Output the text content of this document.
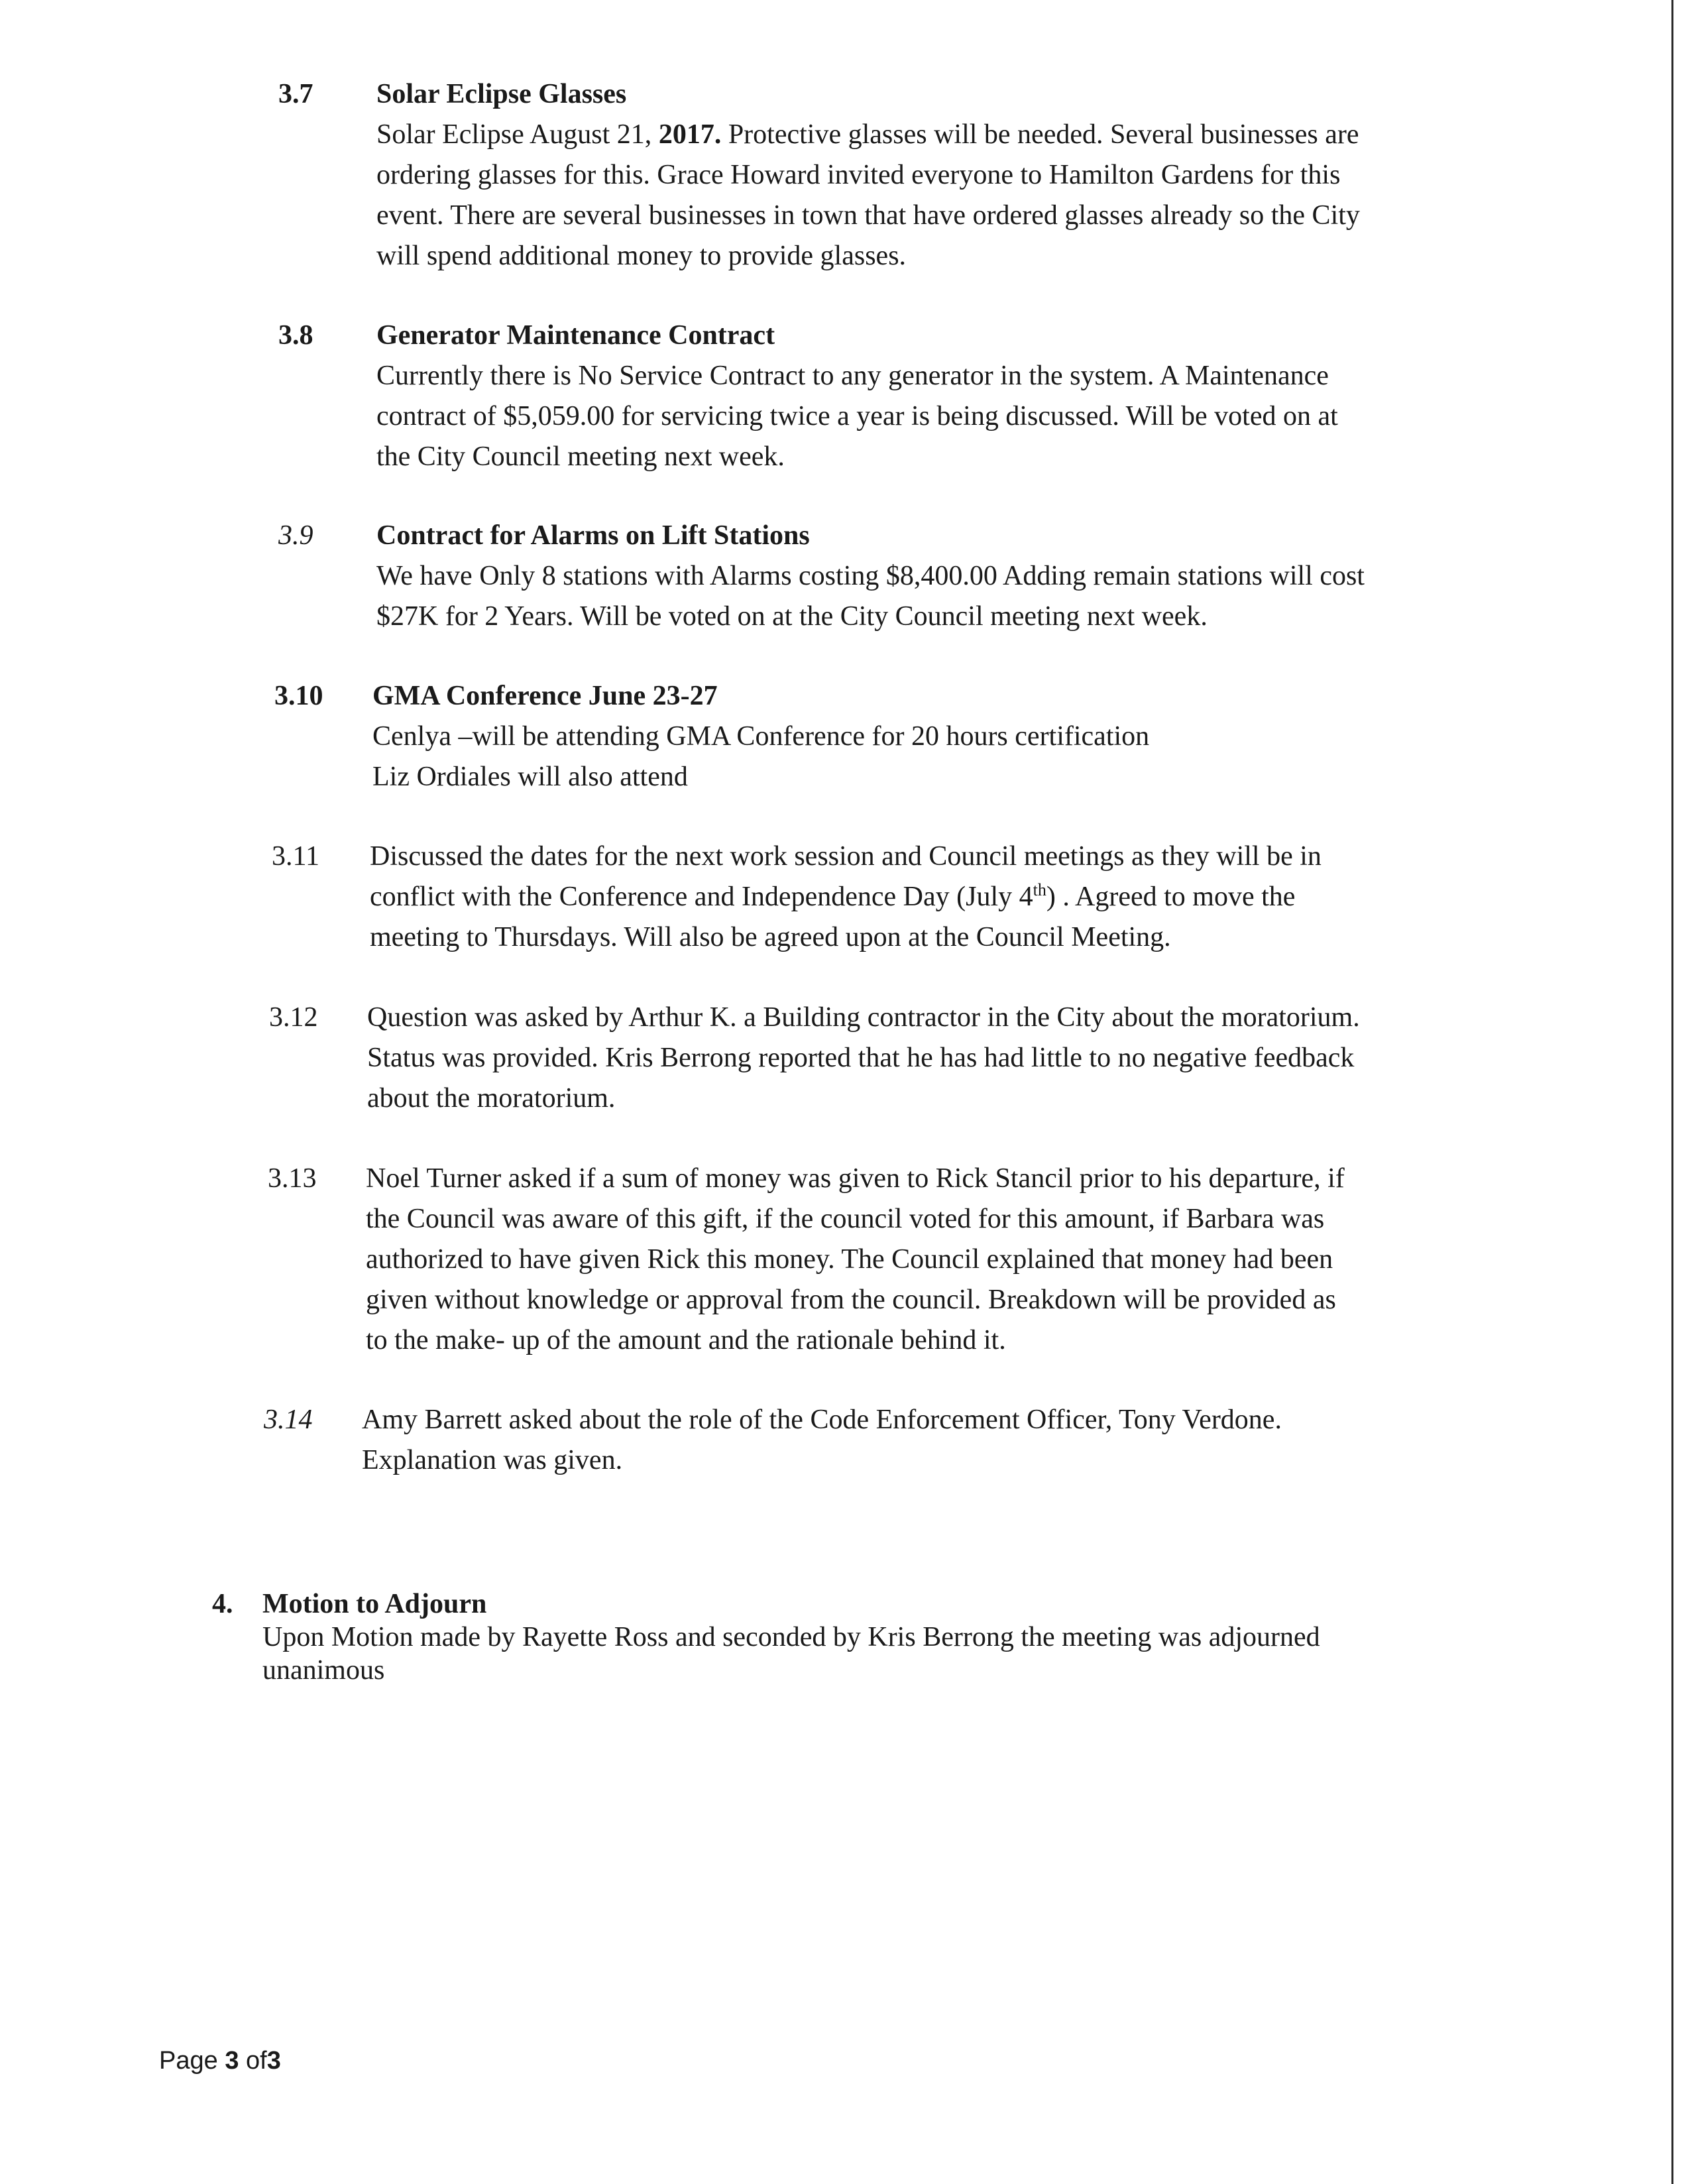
3.7 Solar Eclipse Glasses
Solar Eclipse August 21, 2017. Protective glasses will be needed. Several businesses are
ordering glasses for this. Grace Howard invited everyone to Hamilton Gardens for this
event. There are several businesses in town that have ordered glasses already so the City
will spend additional money to provide glasses.
3.8 Generator Maintenance Contract
Currently there is No Service Contract to any generator in the system. A Maintenance
contract of $5,059.00 for servicing twice a year is being discussed. Will be voted on at
the City Council meeting next week.
3.9 Contract for Alarms on Lift Stations
We have Only 8 stations with Alarms costing $8,400.00 Adding remain stations will cost
$27K for 2 Years. Will be voted on at the City Council meeting next week.
3.10 GMA Conference June 23-27
Cenlya –will be attending GMA Conference for 20 hours certification
Liz Ordiales will also attend
3.11 Discussed the dates for the next work session and Council meetings as they will be in
conflict with the Conference and Independence Day (July 4th) . Agreed to move the
meeting to Thursdays. Will also be agreed upon at the Council Meeting.
3.12 Question was asked by Arthur K. a Building contractor in the City about the moratorium.
Status was provided. Kris Berrong reported that he has had little to no negative feedback
about the moratorium.
3.13 Noel Turner asked if a sum of money was given to Rick Stancil prior to his departure, if
the Council was aware of this gift, if the council voted for this amount, if Barbara was
authorized to have given Rick this money. The Council explained that money had been
given without knowledge or approval from the council. Breakdown will be provided as
to the make- up of the amount and the rationale behind it.
3.14 Amy Barrett asked about the role of the Code Enforcement Officer, Tony Verdone.
Explanation was given.
4. Motion to Adjourn
Upon Motion made by Rayette Ross and seconded by Kris Berrong the meeting was adjourned
unanimous
Page 3 of3
